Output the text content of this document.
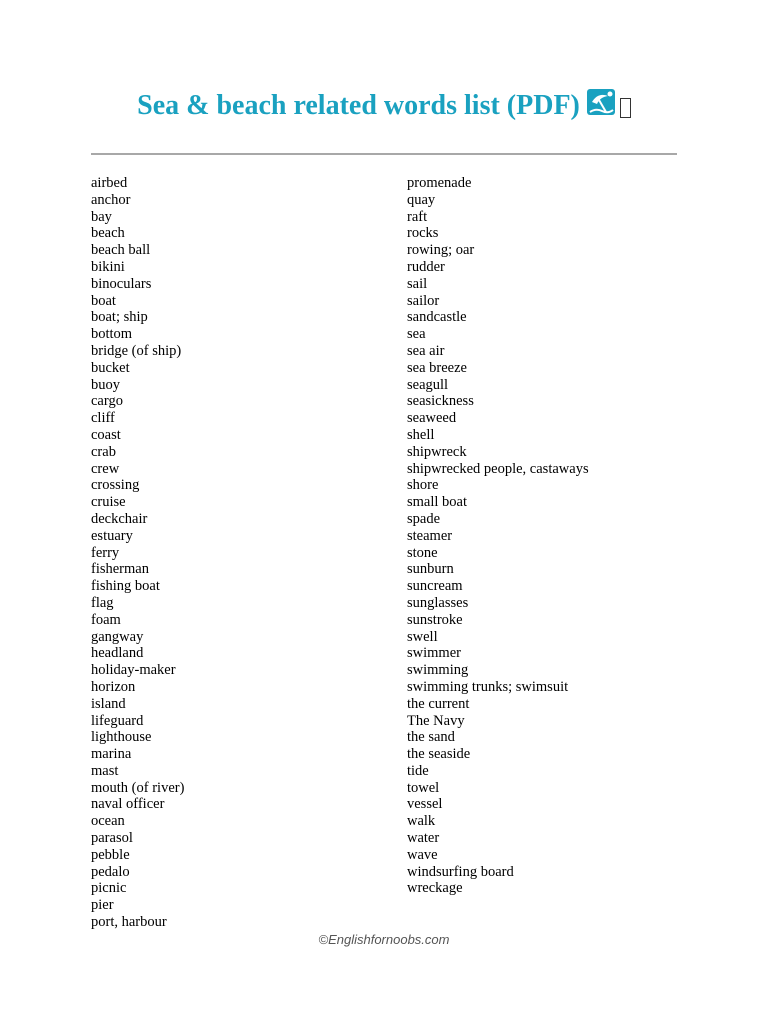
Sea & beach related words list (PDF)
airbed
anchor
bay
beach
beach ball
bikini
binoculars
boat
boat; ship
bottom
bridge (of ship)
bucket
buoy
cargo
cliff
coast
crab
crew
crossing
cruise
deckchair
estuary
ferry
fisherman
fishing boat
flag
foam
gangway
headland
holiday-maker
horizon
island
lifeguard
lighthouse
marina
mast
mouth (of river)
naval officer
ocean
parasol
pebble
pedalo
picnic
pier
port, harbour
promenade
quay
raft
rocks
rowing; oar
rudder
sail
sailor
sandcastle
sea
sea air
sea breeze
seagull
seasickness
seaweed
shell
shipwreck
shipwrecked people, castaways
shore
small boat
spade
steamer
stone
sunburn
suncream
sunglasses
sunstroke
swell
swimmer
swimming
swimming trunks; swimsuit
the current
The Navy
the sand
the seaside
tide
towel
vessel
walk
water
wave
windsurfing board
wreckage
©Englishfornoobs.com
